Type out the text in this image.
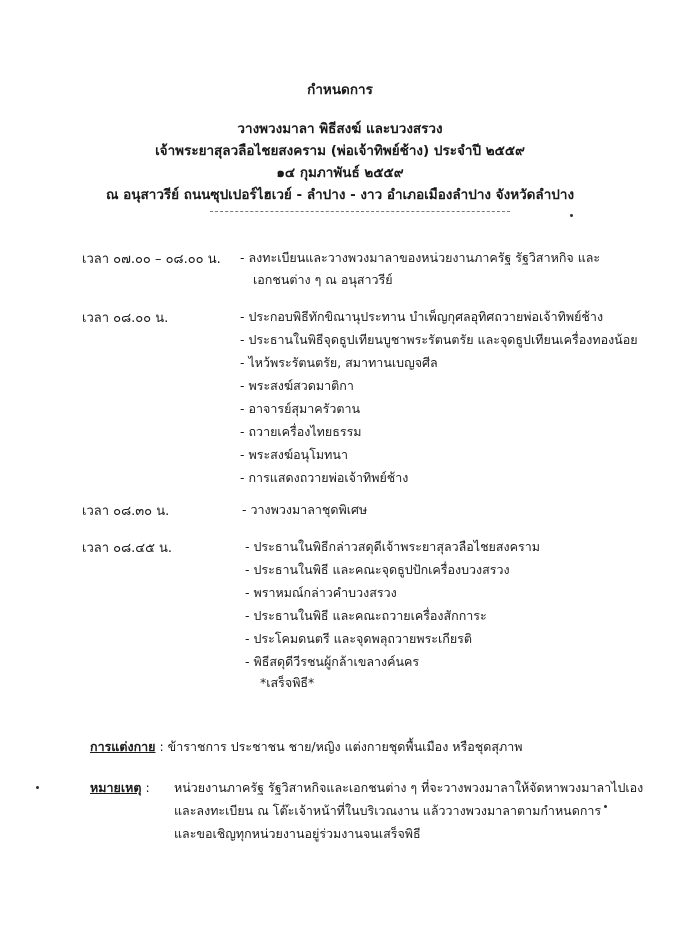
กำหนดการ
วางพวงมาลา พิธีสงฆ์ และบวงสรวง
เจ้าพระยาสุลวลือไชยสงคราม (พ่อเจ้าทิพย์ช้าง) ประจำปี ๒๕๕๙
๑๔ กุมภาพันธ์ ๒๕๕๙
ณ อนุสาวรีย์ ถนนซุปเปอร์ไฮเวย์ - ลำปาง - งาว อำเภอเมืองลำปาง จังหวัดลำปาง
เวลา ๐๗.๐๐ – ๐๘.๐๐ น. - ลงทะเบียนและวางพวงมาลาของหน่วยงานภาครัฐ รัฐวิสาหกิจ และ
เอกชนต่าง ๆ ณ อนุสาวรีย์
เวลา ๐๘.๐๐ น.	- ประกอบพิธีทักขิณานุประทาน บำเพ็ญกุศลอุทิศถวายพ่อเจ้าทิพย์ช้าง
- ประธานในพิธีจุดธูปเทียนบูชาพระรัตนตรัย และจุดธูปเทียนเครื่องทองน้อย
- ไหว้พระรัตนตรัย, สมาทานเบญจศีล
- พระสงฆ์สวดมาติกา
- อาจารย์สุมาครัวตาน
- ถวายเครื่องไทยธรรม
- พระสงฆ์อนุโมทนา
- การแสดงถวายพ่อเจ้าทิพย์ช้าง
เวลา ๐๘.๓๐ น.	- วางพวงมาลาชุดพิเศษ
เวลา ๐๘.๔๕ น.	- ประธานในพิธีกล่าวสดุดีเจ้าพระยาสุลวลือไชยสงคราม
- ประธานในพิธี และคณะจุดธูปปักเครื่องบวงสรวง
- พราหมณ์กล่าวคำบวงสรวง
- ประธานในพิธี และคณะถวายเครื่องสักการะ
- ประโคมดนตรี และจุดพลุถวายพระเกียรติ
- พิธีสดุดีวีรชนผู้กล้าเขลางค์นคร
*เสร็จพิธี*
การแต่งกาย : ข้าราชการ ประชาชน ชาย/หญิง แต่งกายชุดพื้นเมือง หรือชุดสุภาพ
หมายเหตุ : หน่วยงานภาครัฐ รัฐวิสาหกิจและเอกชนต่าง ๆ ที่จะวางพวงมาลาให้จัดหาพวงมาลาไปเอง
และลงทะเบียน ณ โต๊ะเจ้าหน้าที่ในบริเวณงาน แล้ววางพวงมาลาตามกำหนดการ
และขอเชิญทุกหน่วยงานอยู่ร่วมงานจนเสร็จพิธี
